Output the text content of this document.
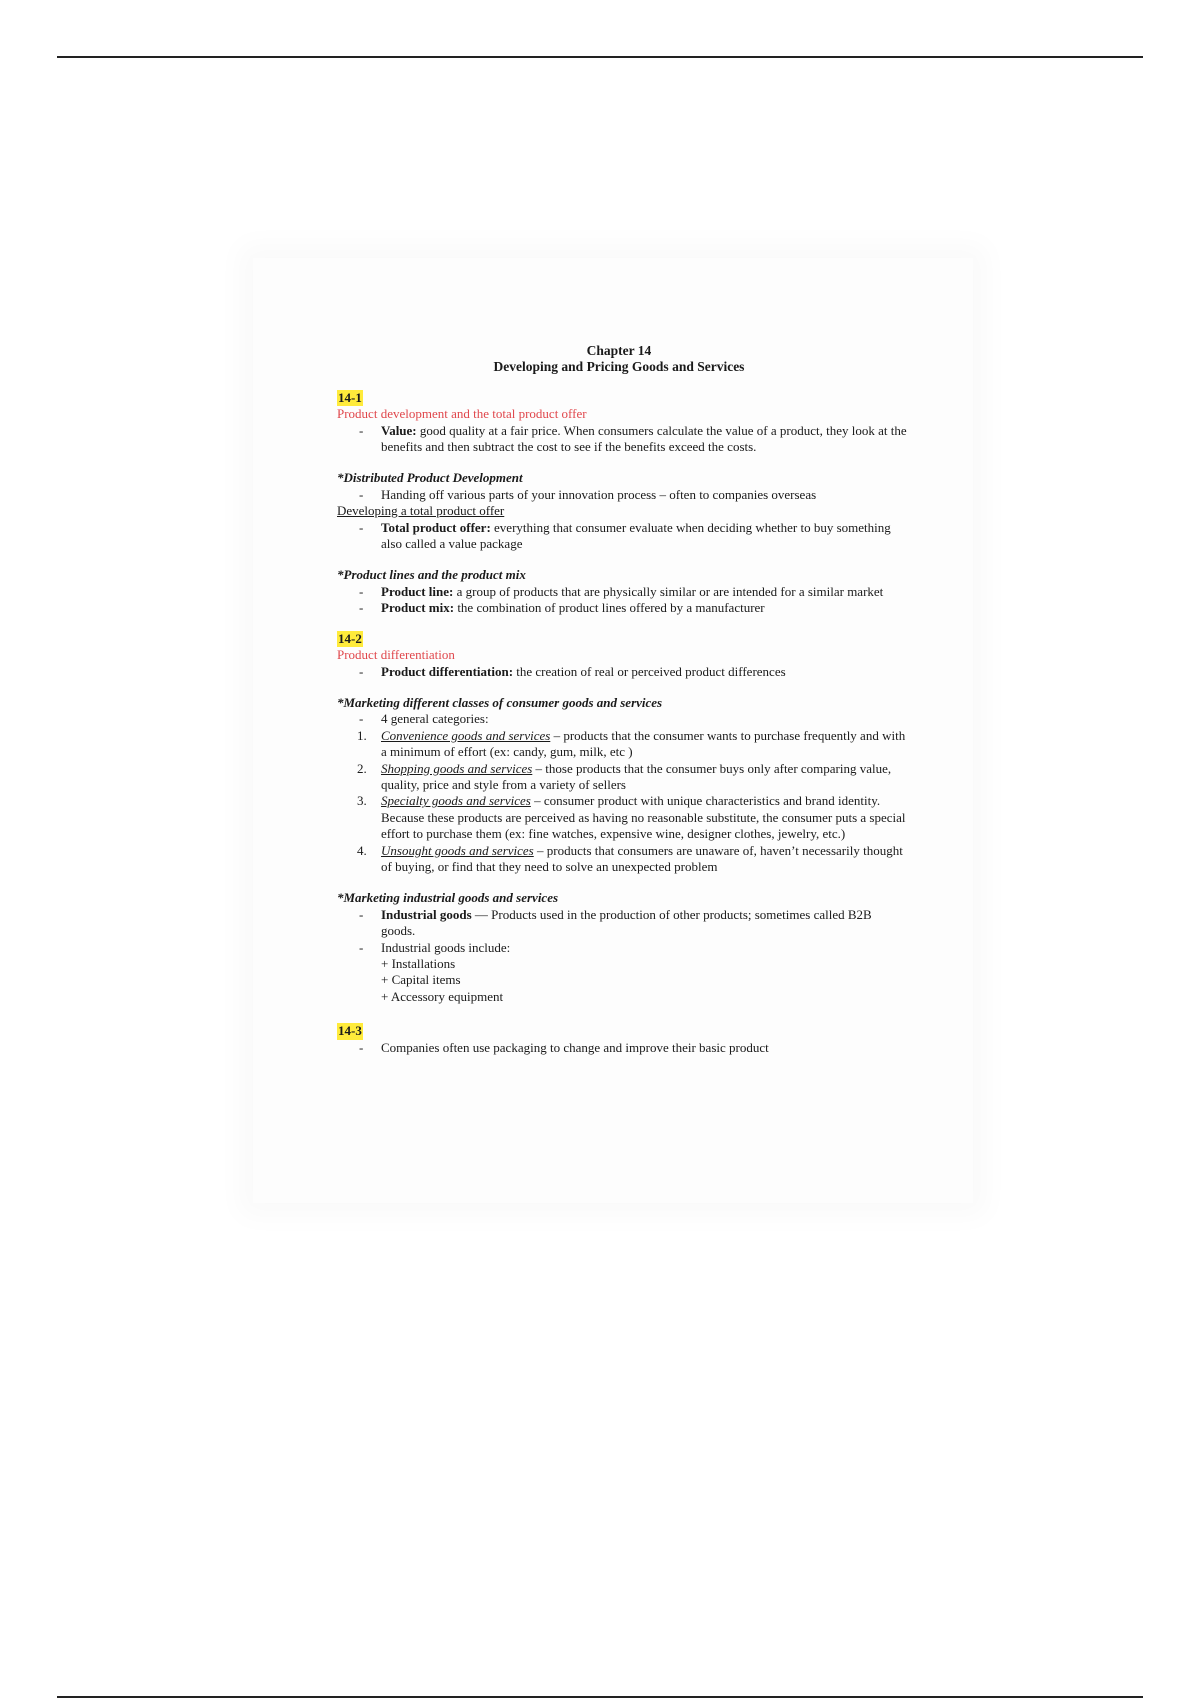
Chapter 14
Developing and Pricing Goods and Services
14-1
Product development and the total product offer
- Value: good quality at a fair price. When consumers calculate the value of a product, they look at the benefits and then subtract the cost to see if the benefits exceed the costs.
*Distributed Product Development
- Handing off various parts of your innovation process – often to companies overseas
Developing a total product offer
- Total product offer: everything that consumer evaluate when deciding whether to buy something also called a value package
*Product lines and the product mix
- Product line: a group of products that are physically similar or are intended for a similar market
- Product mix: the combination of product lines offered by a manufacturer
14-2
Product differentiation
- Product differentiation: the creation of real or perceived product differences
*Marketing different classes of consumer goods and services
- 4 general categories:
1. Convenience goods and services – products that the consumer wants to purchase frequently and with a minimum of effort (ex: candy, gum, milk, etc )
2. Shopping goods and services – those products that the consumer buys only after comparing value, quality, price and style from a variety of sellers
3. Specialty goods and services – consumer product with unique characteristics and brand identity. Because these products are perceived as having no reasonable substitute, the consumer puts a special effort to purchase them (ex: fine watches, expensive wine, designer clothes, jewelry, etc.)
4. Unsought goods and services – products that consumers are unaware of, haven’t necessarily thought of buying, or find that they need to solve an unexpected problem
*Marketing industrial goods and services
- Industrial goods — Products used in the production of other products; sometimes called B2B goods.
- Industrial goods include:
+ Installations
+ Capital items
+ Accessory equipment
14-3
- Companies often use packaging to change and improve their basic product
